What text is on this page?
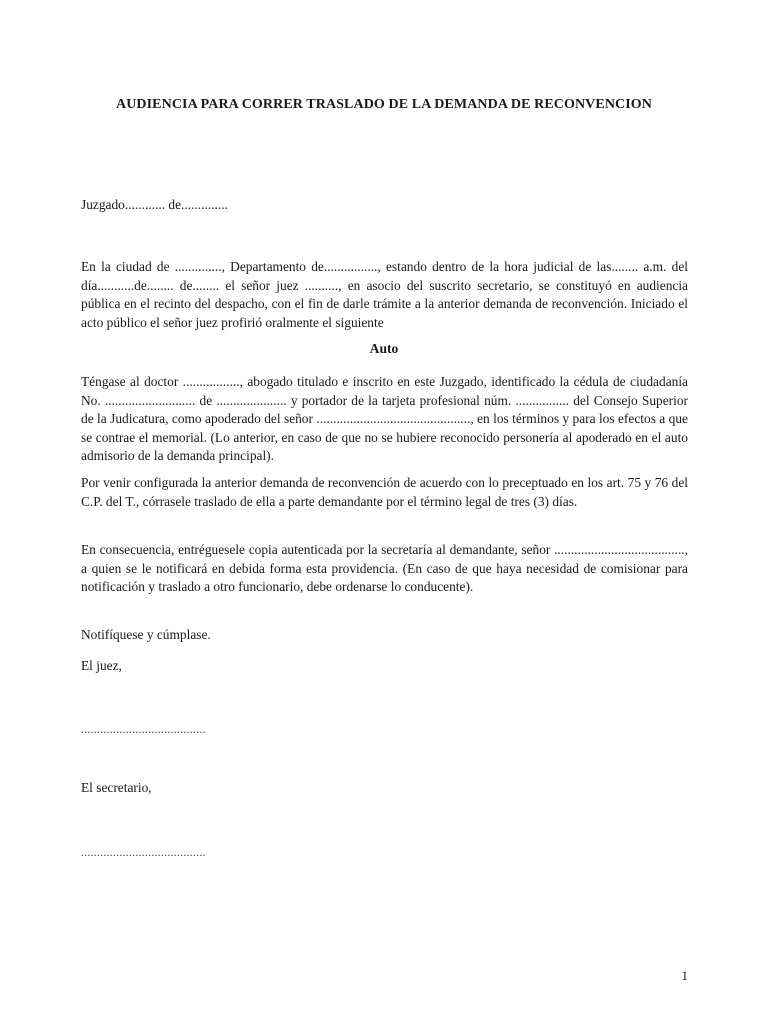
AUDIENCIA PARA CORRER TRASLADO DE LA DEMANDA DE RECONVENCION

Juzgado............ de..............

En la ciudad de .............., Departamento de................, estando dentro de la hora judicial de las........ a.m. del día...........de........ de........ el señor juez .........., en asocio del suscrito secretario, se constituyó en audiencia pública en el recinto del despacho, con el fin de darle trámite a la anterior demanda de reconvención. Iniciado el acto público el señor juez profirió oralmente el siguiente

Auto

Téngase al doctor ................., abogado titulado e inscrito en este Juzgado, identificado la cédula de ciudadanía No. ........................... de ..................... y portador de la tarjeta profesional núm. ................ del Consejo Superior de la Judicatura, como apoderado del señor .............................................., en los términos y para los efectos a que se contrae el memorial. (Lo anterior, en caso de que no se hubiere reconocido personería al apoderado en el auto admisorio de la demanda principal).

Por venir configurada la anterior demanda de reconvención de acuerdo con lo preceptuado en los art. 75 y 76 del C.P. del T., córrasele traslado de ella a parte demandante por el término legal de tres (3) días.

En consecuencia, entréguesele copia autenticada por la secretaría al demandante, señor ......................................., a quien se le notificará en debida forma esta providencia. (En caso de que haya necesidad de comisionar para notificación y traslado a otro funcionario, debe ordenarse lo conducente).

Notifíquese y cúmplase.

El juez,

.......................................

El secretario,

.......................................

1
